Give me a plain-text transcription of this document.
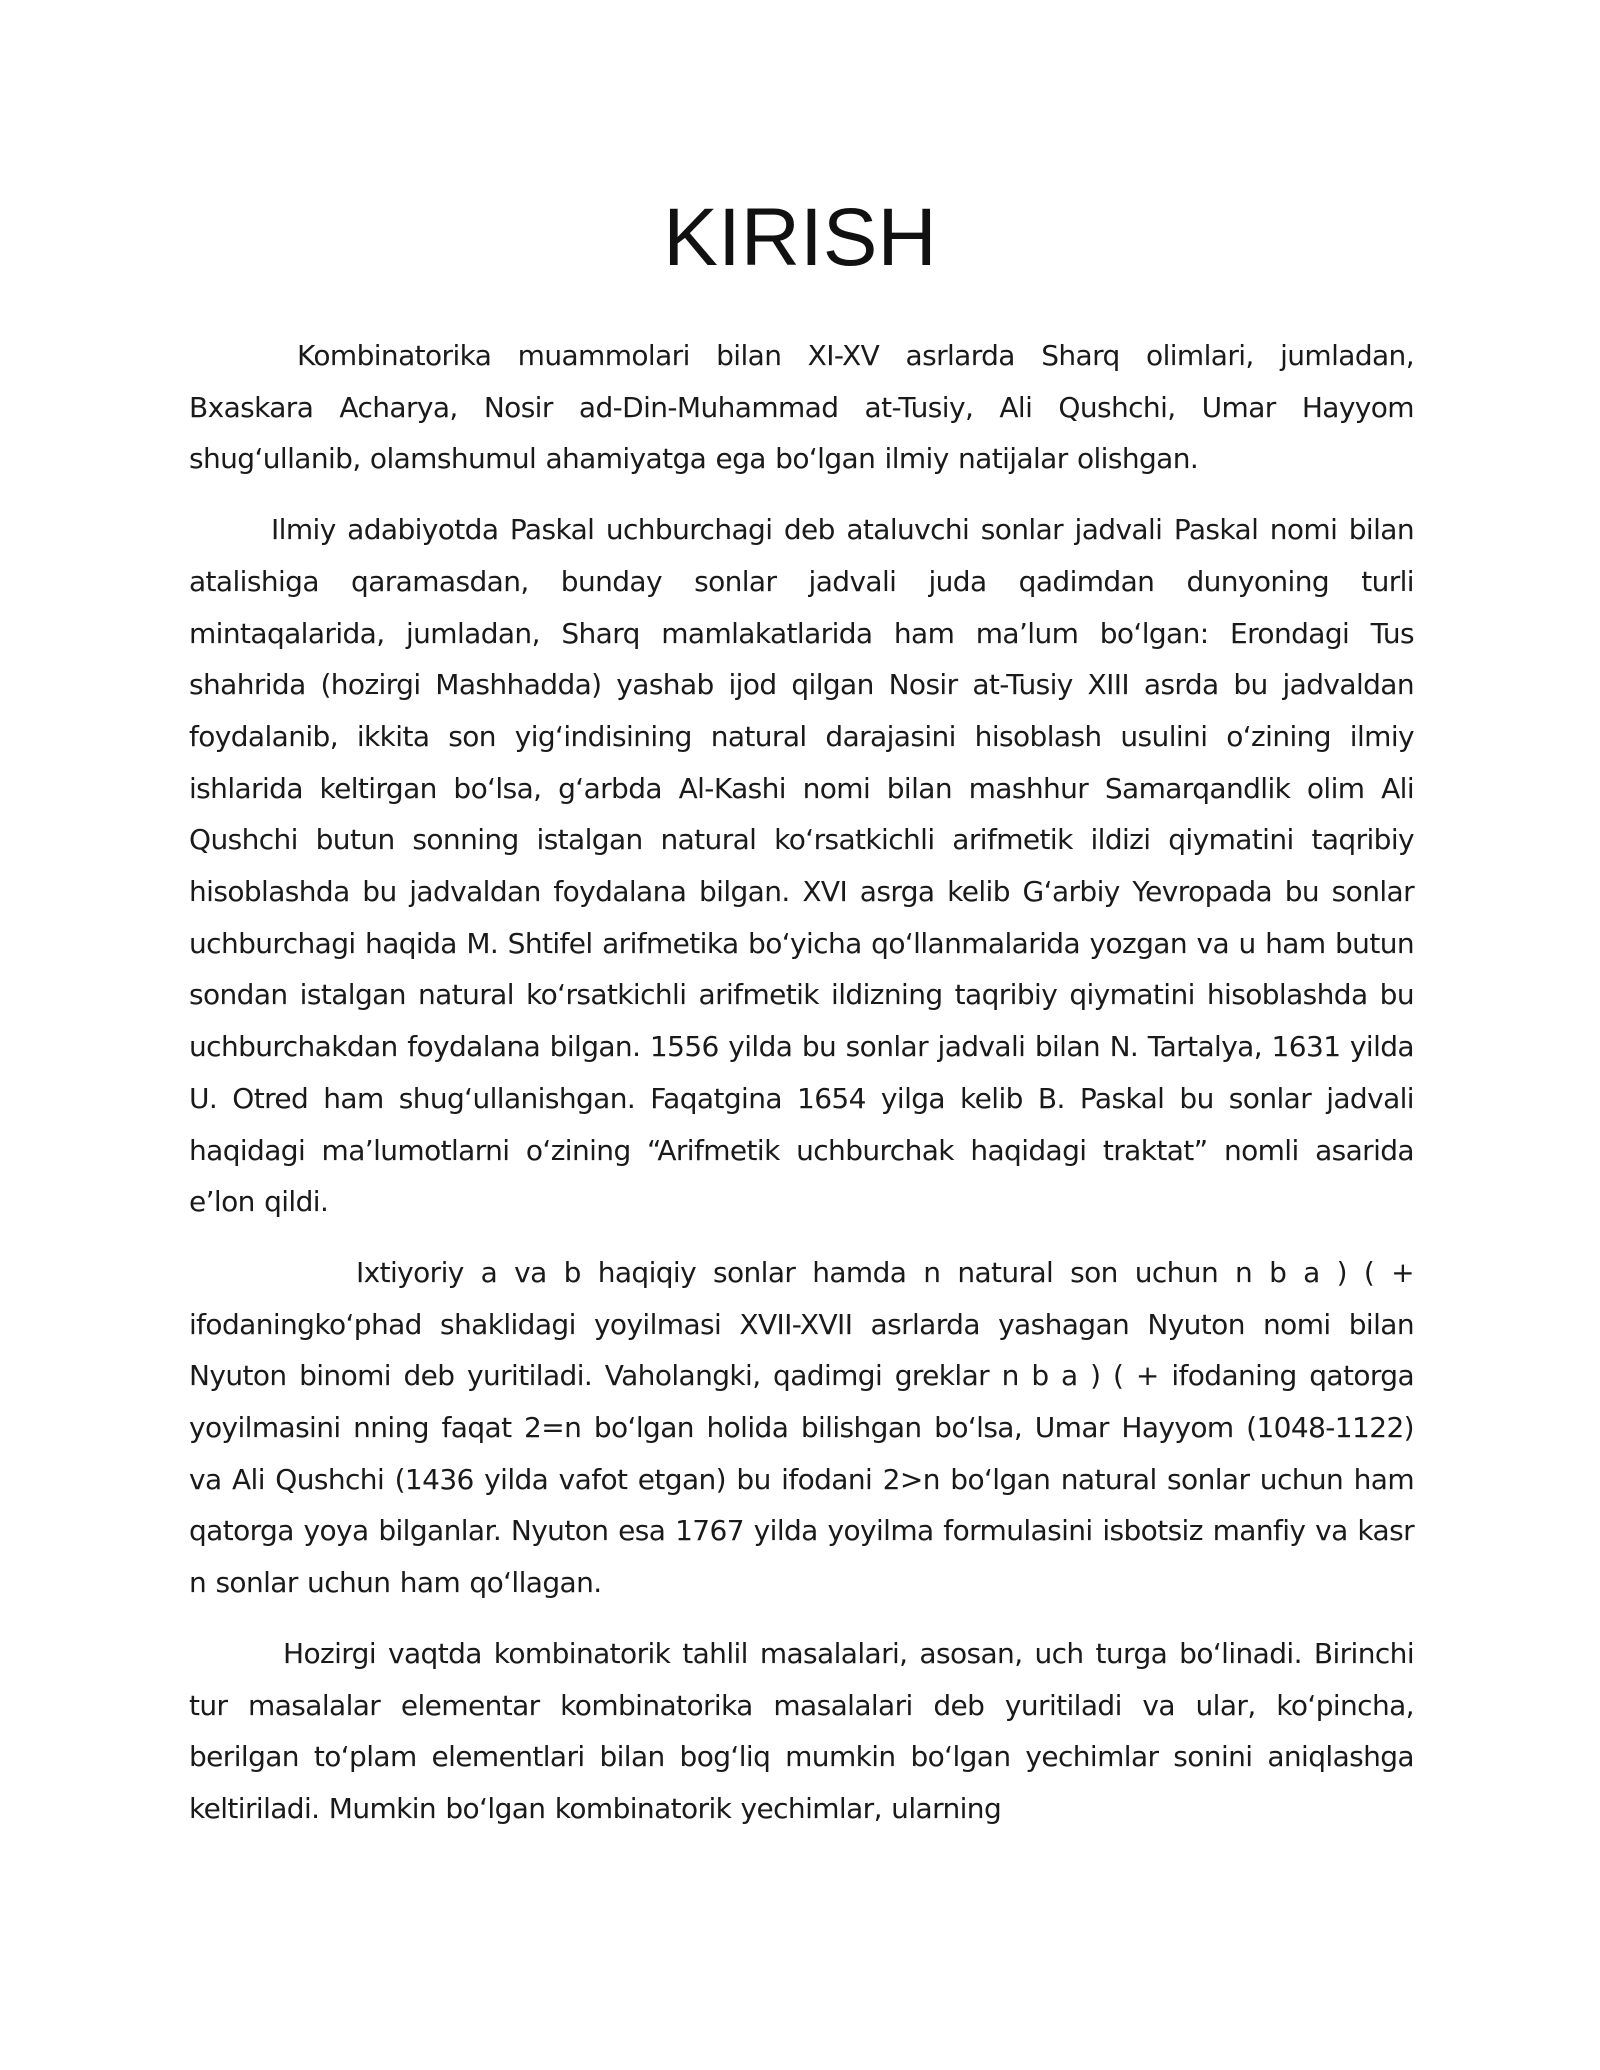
KIRISH

Kombinatorika muammolari bilan XI-XV asrlarda Sharq olimlari, jumladan, Bxaskara Acharya, Nosir ad-Din-Muhammad at-Tusiy, Ali Qushchi, Umar Hayyom shug‘ullanib, olamshumul ahamiyatga ega bo‘lgan ilmiy natijalar olishgan.

Ilmiy adabiyotda Paskal uchburchagi deb ataluvchi sonlar jadvali Paskal nomi bilan atalishiga qaramasdan, bunday sonlar jadvali juda qadimdan dunyoning turli mintaqalarida, jumladan, Sharq mamlakatlarida ham ma’lum bo‘lgan: Erondagi Tus shahrida (hozirgi Mashhadda) yashab ijod qilgan Nosir at-Tusiy XIII asrda bu jadvaldan foydalanib, ikkita son yig‘indisining natural darajasini hisoblash usulini o‘zining ilmiy ishlarida keltirgan bo‘lsa, g‘arbda Al-Kashi nomi bilan mashhur Samarqandlik olim Ali Qushchi butun sonning istalgan natural ko‘rsatkichli arifmetik ildizi qiymatini taqribiy hisoblashda bu jadvaldan foydalana bilgan. XVI asrga kelib G‘arbiy Yevropada bu sonlar uchburchagi haqida M. Shtifel arifmetika bo‘yicha qo‘llanmalarida yozgan va u ham butun sondan istalgan natural ko‘rsatkichli arifmetik ildizning taqribiy qiymatini hisoblashda bu uchburchakdan foydalana bilgan. 1556 yilda bu sonlar jadvali bilan N. Tartalya, 1631 yilda U. Otred ham shug‘ullanishgan. Faqatgina 1654 yilga kelib B. Paskal bu sonlar jadvali haqidagi ma’lumotlarni o‘zining “Arifmetik uchburchak haqidagi traktat” nomli asarida e’lon qildi.

Ixtiyoriy a va b haqiqiy sonlar hamda n natural son uchun n b a ) ( + ifodaningko‘phad shaklidagi yoyilmasi XVII-XVII asrlarda yashagan Nyuton nomi bilan Nyuton binomi deb yuritiladi. Vaholangki, qadimgi greklar n b a ) ( + ifodaning qatorga yoyilmasini nning faqat 2=n bo‘lgan holida bilishgan bo‘lsa, Umar Hayyom (1048-1122) va Ali Qushchi (1436 yilda vafot etgan) bu ifodani 2>n bo‘lgan natural sonlar uchun ham qatorga yoya bilganlar. Nyuton esa 1767 yilda yoyilma formulasini isbotsiz manfiy va kasr n sonlar uchun ham qo‘llagan.

Hozirgi vaqtda kombinatorik tahlil masalalari, asosan, uch turga bo‘linadi. Birinchi tur masalalar elementar kombinatorika masalalari deb yuritiladi va ular, ko‘pincha, berilgan to‘plam elementlari bilan bog‘liq mumkin bo‘lgan yechimlar sonini aniqlashga keltiriladi. Mumkin bo‘lgan kombinatorik yechimlar, ularning
